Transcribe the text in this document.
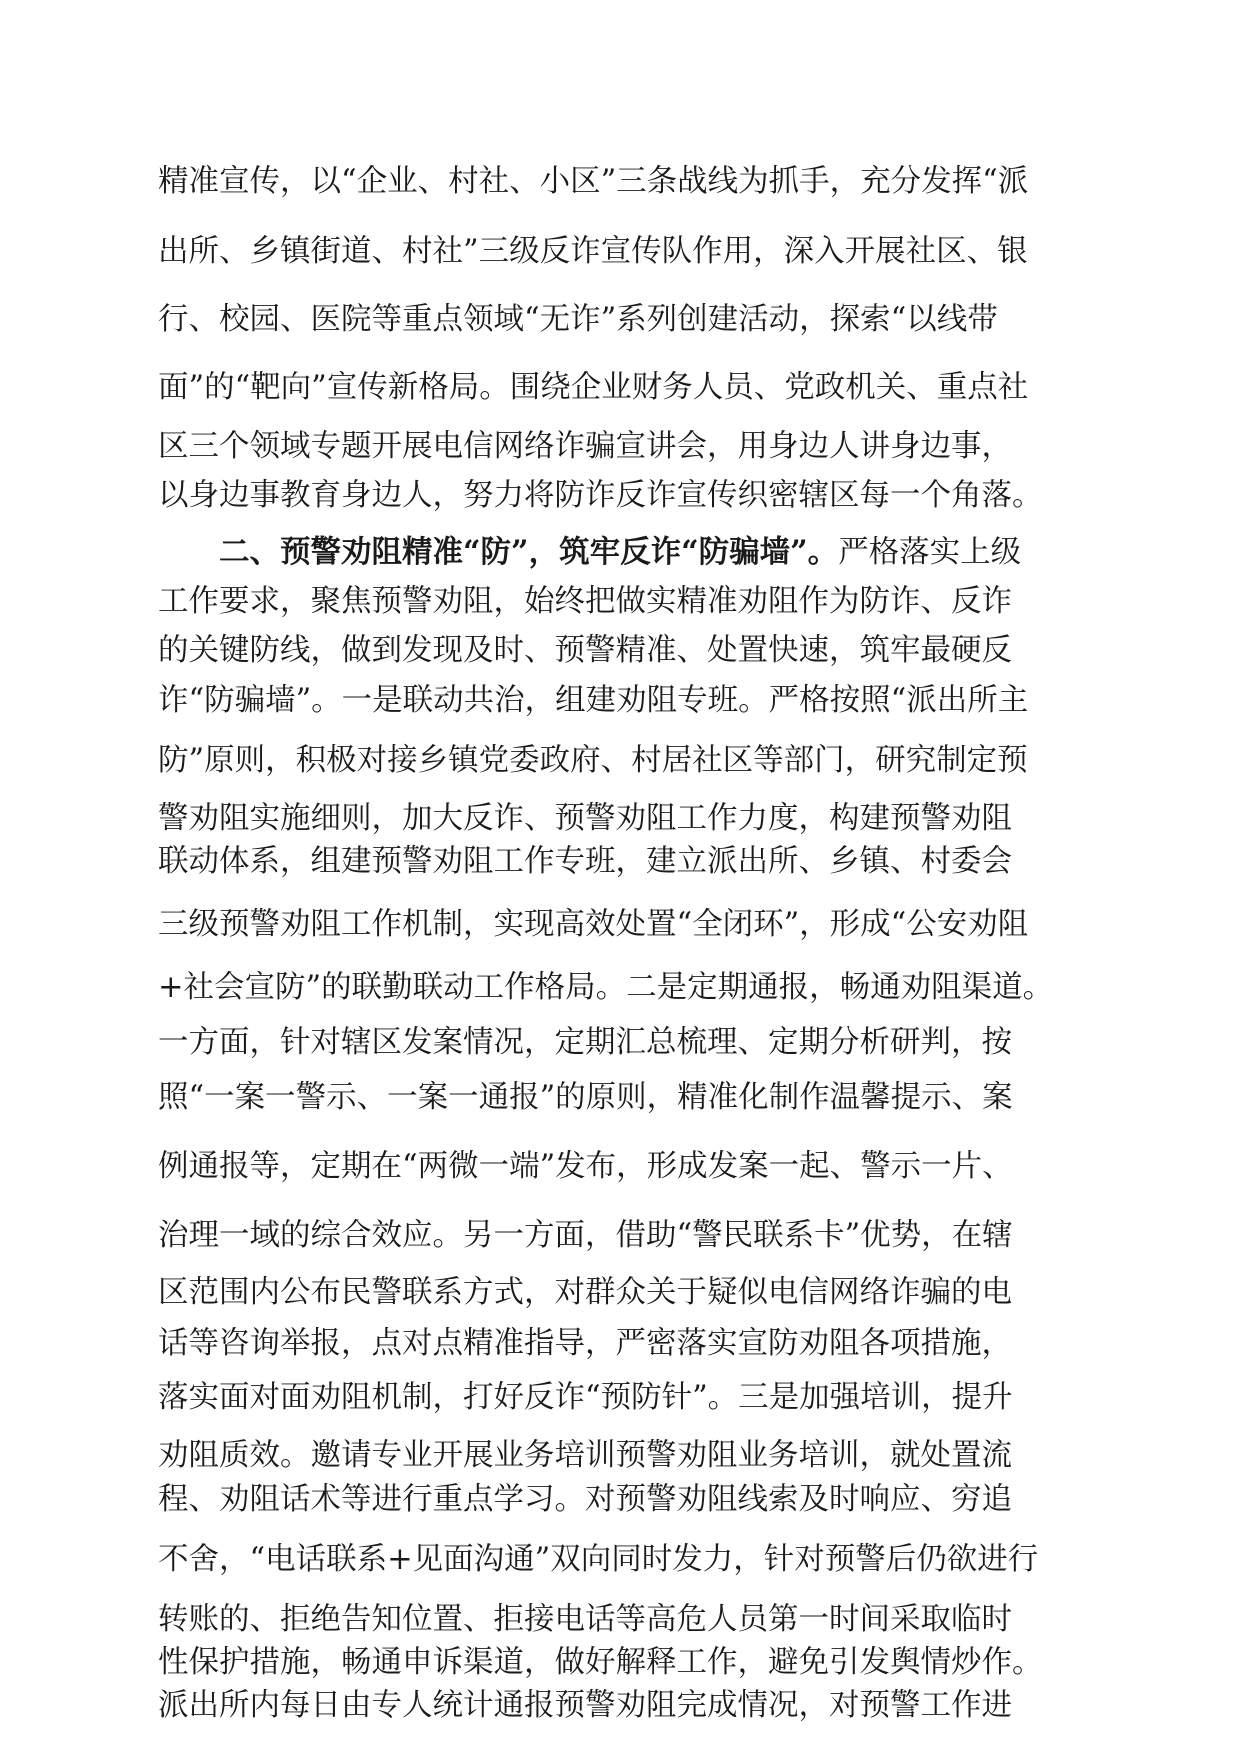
精准宣传，以“企业、村社、小区”三条战线为抓手，充分发挥“派
出所、乡镇街道、村社”三级反诈宣传队作用，深入开展社区、银
行、校园、医院等重点领域“无诈”系列创建活动，探索“以线带
面”的“靶向”宣传新格局。围绕企业财务人员、党政机关、重点社
区三个领域专题开展电信网络诈骗宣讲会，用身边人讲身边事，
以身边事教育身边人，努力将防诈反诈宣传织密辖区每一个角落。
二、预警劝阻精准“防”，筑牢反诈“防骗墙”。严格落实上级
工作要求，聚焦预警劝阻，始终把做实精准劝阻作为防诈、反诈
的关键防线，做到发现及时、预警精准、处置快速，筑牢最硬反
诈“防骗墙”。一是联动共治，组建劝阻专班。严格按照“派出所主
防”原则，积极对接乡镇党委政府、村居社区等部门，研究制定预
警劝阻实施细则，加大反诈、预警劝阻工作力度，构建预警劝阻
联动体系，组建预警劝阻工作专班，建立派出所、乡镇、村委会
三级预警劝阻工作机制，实现高效处置“全闭环”，形成“公安劝阻
+社会宣防”的联勤联动工作格局。二是定期通报，畅通劝阻渠道。
一方面，针对辖区发案情况，定期汇总梳理、定期分析研判，按
照“一案一警示、一案一通报”的原则，精准化制作温馨提示、案
例通报等，定期在“两微一端”发布，形成发案一起、警示一片、
治理一域的综合效应。另一方面，借助“警民联系卡”优势，在辖
区范围内公布民警联系方式，对群众关于疑似电信网络诈骗的电
话等咨询举报，点对点精准指导，严密落实宣防劝阻各项措施，
落实面对面劝阻机制，打好反诈“预防针”。三是加强培训，提升
劝阻质效。邀请专业开展业务培训预警劝阻业务培训，就处置流
程、劝阻话术等进行重点学习。对预警劝阻线索及时响应、穷追
不舍，“电话联系+见面沟通”双向同时发力，针对预警后仍欲进行
转账的、拒绝告知位置、拒接电话等高危人员第一时间采取临时
性保护措施，畅通申诉渠道，做好解释工作，避免引发舆情炒作。
派出所内每日由专人统计通报预警劝阻完成情况，对预警工作进
